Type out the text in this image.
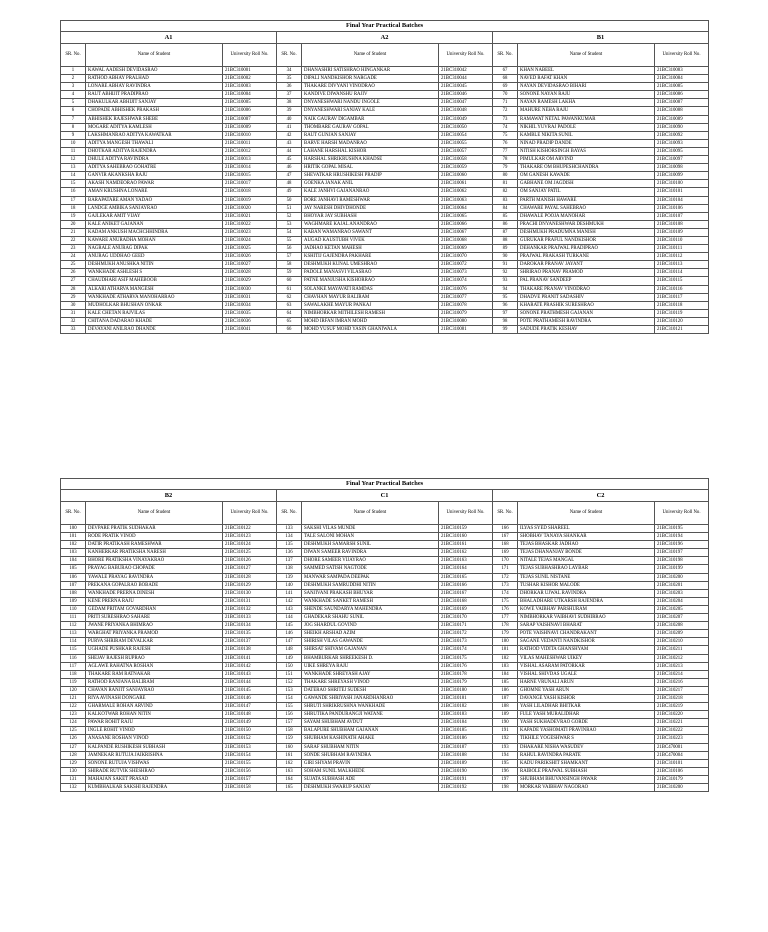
Final Year Practical Batches								
A1			A2			B1		
SR. No.	Name of Student	University Roll No.	SR. No.	Name of Student	University Roll No.	SR. No.	Name of Student	University Roll No.
1	KAWAL AADESH DEVIDASRAO	21BC310001	34	DHANASHRI SATISHRAO HINGANKAR	21BC310042	67	KHAN NABEEL	21BC310083
2	RATHOD ABHAY PRALHAD	21BC310002	35	DIPALI NANDKISHOR NARGADE	21BC310044	68	NAVED RAFAT KHAN	21BC310084
3	LONARE ABHAY RAVINDRA	21BC310003	36	THAKARE DIVYANI VINODRAO	21BC310045	69	NAYAN DEVIDASRAO BIHARI	21BC310085
4	RAUT ABHIJIT PRADIPRAO	21BC310004	37	KANDIVE DIWANSHU RAJIV	21BC310046	70	SONONE NAYAN RAJU	21BC310086
5	DHAKULKAR ABHIJIT SANJAY	21BC310005	38	DNYANESHWARI NANDU INGOLE	21BC310047	71	NAYAN RAMESH LAKHA	21BC310087
6	CHOPADE ABHISHEK PRAKASH	21BC310006	39	DNYANESHWARI SANJAY KALE	21BC310048	72	MAHURE NEHA RAJU	21BC310088
7	ABHISHEK RAJESHWAR SHEBE	21BC310007	40	NAIK GAURAV DIGAMBAR	21BC310049	73	RAMAWAT NETAL PAWANKUMAR	21BC310089
8	MOGARE ADITYA KAMLESH	21BC310009	41	THOMBARE GAURAV GOPAL	21BC310050	74	NIKHIL YUVRAJ PADOLE	21BC310090
9	LAKSHMANRAO ADITYA KAWATKAR	21BC310010	42	RAUT GUNJAN SANJAY	21BC310054	75	KAMBLE NIKITA SUNIL	21BC310092
10	ADITYA MANGESH THAWALI	21BC310011	43	BARVE HARSH MADANRAO	21BC310055	76	NINAD PRADIP DANDE	21BC310093
11	DHOTKAR ADITYA RAJENDRA	21BC310012	44	LAHANE HARSHAL KISHOR	21BC310057	77	NITISH KISHORSINGH BAYAS	21BC310095
12	DHULE ADITYA RAVINDRA	21BC310013	45	HARSHAL SHRIKRUSHNA KHADSE	21BC310058	78	PIMULKAR OM ARVIND	21BC310097
13	ADITYA SAHEBRAO GOHATRE	21BC310014	46	HRITIK GOPAL MISAL	21BC310059	79	THAKARE OM BHUPESHCHANDRA	21BC310098
14	GANVIR AKANKSHA RAJU	21BC310015	47	SHEVATKAR HRUSHIKESH PRADIP	21BC310060	80	OM GANESH KAWADE	21BC310099
15	AKASH NAMDEORAO PAWAR	21BC310017	48	GOENKA JANAK ANIL	21BC310061	81	GABHANE OM JAGDISH	21BC310100
16	AMAN KRUSHNA LONARE	21BC310018	49	KALE JANHVI GAJANANRAO	21BC310062	82	OM SANJAY PATIL	21BC310101
17	BARAPATARE AMAN YADAO	21BC310019	50	BORE JANHAVI RAMESHWAR	21BC310063	83	PARTH MANISH HAWARE	21BC310104
18	LANDGE AMBIKA SANJAYRAO	21BC310020	51	JAY NARESH DHIVDHONDE	21BC310064	84	CHAWARE PAYAL SAHEBRAO	21BC310106
19	GAJLEKAR AMIT VIJAY	21BC310021	52	BHOYAR JAY SUBHASH	21BC310065	85	DHAWALE POOJA MANOHAR	21BC310107
20	KALE ANIKET GAJANAN	21BC310022	53	WAGHMARE KAJAL ANANDRAO	21BC310066	86	PRACHI DNYANESHWAR DESHMUKH	21BC310108
21	KADAM ANKUSH MACHCHHINDRA	21BC310023	54	KABAN WAMANRAO SAWANT	21BC310067	87	DESHMUKH PRADUMNA MANISH	21BC310109
22	KAWARE ANURADHA MOHAN	21BC310024	55	AUGAD KAUSTUBH VIVEK	21BC310068	88	GURUKAR PRAFUL NANDKISHOR	21BC310110
23	NAGRALE ANURAG DIPAK	21BC310025	56	JADHAO KETAN MAHESH	21BC310069	89	DEHANKAR PRAJWAL PRADIPRAO	21BC310111
24	ANURAG UDDHAO GEED	21BC310026	57	KSHITIJ GAJENDRA PAKHARE	21BC310070	90	PRAJWAL PRAKASH TURKANE	21BC310112
25	DESHMUKH ANUSHKA NITIN	21BC310027	58	DESHMUKH KUNAL UMESHRAO	21BC310072	91	DAROKAR PRANAV JAYANT	21BC310113
26	WANKHADE ASHLESH S	21BC310028	59	PADOLE MANASVI VILASRAO	21BC310073	92	SHRIRAO PRANAV PRAMOD	21BC310114
27	CHAUDHARI ASIF MAHEBOOB	21BC310029	60	PATNE MANJUSHA KISHORRAO	21BC310074	93	PAL PRANAV SANDEEP	21BC310115
28	ALKARI ATHARVA MANGESH	21BC310030	61	SOLANKE MAYAVATI RAMDAS	21BC310076	94	THAKARE PRANAV VINODRAO	21BC310116
29	WANKHADE ATHARVA MANOHARRAO	21BC310031	62	CHAVHAN MAYUR BALIRAM	21BC310077	95	DHADVE PRANIT SADASHIV	21BC310117
30	MUDHOLKAR BHUSHAN ONKAR	21BC310034	63	SAWALAKHE MAYUR PANKAJ	21BC310078	96	KHARATE PRASHIK SURESHRAO	21BC310118
31	KALE CHETAN RAJVILAS	21BC310035	64	NIMBHORKAR MITHILESH RAMESH	21BC310079	97	SONONE PRATHMESH GAJANAN	21BC310119
32	CHITANA DADARAO KHADE	21BC310036	65	MOHD IRFAN IMRAN MOHD	21BC310080	98	POTE PRATHAMESH RAVINDRA	21BC310120
33	DEVAYANI ANILRAO DHANDE	21BC310041	66	MOHD YUSUF MOHD YASIN GHANIWALA	21BC310081	99	SADUDE PRATIK KESHAV	21BC310121
Final Year Practical Batches								
B2			C1			C2		
SR. No.	Name of Student	University Roll No.	SR. No.	Name of Student	University Roll No.	SR. No.	Name of Student	University Roll No.
100	DEVPARE PRATIK SUDHAKAR	21BC310122	133	SAKSHI VILAS MUNDE	21BC310159	166	ILYAS SYED SHAREEL	21BC310195
101	RODE PRATIK VINOD	21BC310123	134	TALE SALONI MOHAN	21BC310160	167	SHOBHAV TANAYA SHANKAR	21BC310194
102	DATIR PRATIKASH RAMESHWAR	21BC310124	135	DESHMUKH SAMARSH SUNIL	21BC310161	168	TEJAS BHASKAR JADHAO	21BC310196
103	KANHERKAR PRATIKSHA NARESH	21BC310125	136	DIWAN SAMEER RAVINDRA	21BC310162	169	TEJAS DHANANJAY BONDE	21BC310197
104	BHORE PRATIKSHA VINAYAKRAO	21BC310126	137	DHORE SAMEER VIJAYRAO	21BC310163	170	NITALE TEJAS MANGAL	21BC310198
105	PRAYAG BABURAO CHOPADE	21BC310127	138	SAMMED SATISH NAGTODE	21BC310164	171	TEJAS SUBHASHRAO LAYBAR	21BC310199
106	YAWALE PRAYAG RAVINDRA	21BC310128	139	MANWAR SAMPADA DEEPAK	21BC310165	172	TEJAS SUNIL NISTANE	21BC310200
107	PREKANA GOPALRAO BOBADE	21BC310129	140	DESHMUKH SAMRUDDHI NITIN	21BC310166	173	TUSHAR KISHOR MALODE	21BC310201
108	WANKHADE PRERNA DINESH	21BC310130	141	SANJIVANI PRAKASH BHUYAR	21BC310167	174	DHORKAR UJWAL RAVINDRA	21BC310203
109	KENE PRERNA RAJU	21BC310131	142	WANKHADE SANKET RAMESH	21BC310168	175	BHALADHARE UTKARSH RAJENDRA	21BC310204
110	GEDAM PRITAM GOVARDHAN	21BC310132	143	SHENDE SAUNDARYA MAHENDRA	21BC310169	176	KOWE VAIBHAV PARSHURAM	21BC310205
111	PRITI SURESHRAO SAHARE	21BC310133	144	GHADEKAR SHAHU SUNIL	21BC310170	177	NIMBHORKAR VAIBHAVI SUDHIRRAO	21BC310207
112	JWANE PRIYANKA BHIMRAO	21BC310134	145	JOG SHARDUL GOVIND	21BC310171	178	SARAP VAISHNAVI BHARAT	21BC310208
113	WARGHAT PRIYANKA PRAMOD	21BC310135	146	SHEIKH ARSHAD AZIM	21BC310172	179	POTE VAISHNAVI CHANDRAKANT	21BC310209
114	PURVA SHRIRAM DEVALKAR	21BC310137	147	SHIRISH VILAS GAWANDE	21BC310173	180	SAGANE VEDANTI NANDKISHOR	21BC310210
115	UGHADE PUSHKAR RAJESH	21BC310138	148	SHIRSAT SHIVAM GAJANAN	21BC310174	181	RATHOD VIDITA GHANSHYAM	21BC310211
116	SHEJAV RAJESH RUPRAO	21BC310141	149	BHAMBURKAR SHREEKESH D.	21BC310175	182	VILAS MAHESHWAR UIKEY	21BC310212
117	AGLAWE RAHATNA ROSHAN	21BC310142	150	UIKE SHREYA RAJU	21BC310176	183	VISHAL ASARAM PATORKAR	21BC310213
118	THAKARE RAM RATNAKAR	21BC310143	151	WANKHADE SHREYASH AJAY	21BC310178	184	VISHAL SHIVDAS UGALE	21BC310214
119	RATHOD RANJANA BALIRAM	21BC310144	152	THAKARE SHREYASH VINOD	21BC310179	185	HARNE VRUNALI ARUN	21BC310216
120	CHAVAN RANJIT SANJAYRAO	21BC310145	153	DATERAO SHRITEJ SUDESH	21BC310180	186	GHOMNE YASH ARUN	21BC310217
121	RIYA AVINASH DONGARE	21BC310146	154	GAWANDE SHRIYASH JANARDHANRAO	21BC310181	187	DAVANGE YASH KISHOR	21BC310218
122	GHARMALE ROHAN ARVIND	21BC310147	155	SHRUTI SHRIKRUSHNA WANKHADE	21BC310182	188	YASH LILADHAR BHITKAR	21BC310219
123	KALKOTWAR ROHAN NITIN	21BC310148	156	SHRUTIKA PANDURANGJI WATANE	21BC310183	189	FULE YASH MURALIDHAR	21BC310220
124	PAWAR ROHIT RAJU	21BC310149	157	SAYAM SHUBHAM AVDUT	21BC310184	190	YASH SUKHADEVRAO GORDE	21BC310221
125	INGLE ROHIT VINOD	21BC310150	158	BALAPURE SHUBHAM GAJANAN	21BC310185	191	KAPADE YASHOMATI PRAVINRAO	21BC310222
126	ANASANE ROSHAN VINOD	21BC310152	159	SHUBHAM KASHINATH AHAKE	21BC310186	192	TIKHILE YOGESHWAR S	21BC310223
127	KALPANDE RUSHIKESH SUBHASH	21BC310153	160	SARAF SHUBHAM NITIN	21BC310187	193	DHAKARE NISHA WASUDEV	21BC470001
128	JAMNEKAR RUTUJA JAIKRISHNA	21BC310154	161	SONDE SHUBHAM RAVINDRA	21BC310188	194	RAHUL RAVINDRA PARATE	21BC470004
129	SONONE RUTUJA VISHWAS	21BC310155	162	GIRI SHYAM PRAVIN	21BC310189	195	KADU PARIKSHIT SHAMKANT	21BC310101
130	SHIRADE RUTVIK SHESHRAO	21BC310156	163	SOHAM SUNIL MALKHEDE	21BC310190	196	RAIBOLE PRAJWAL SUBHASH	21BC310106
131	MAHAJAN SAKET PRASAD	21BC310157	164	SUJATA SUBHASH ADE	21BC310191	197	SHUBHAM BHUVANSINGH PAWAR	21BC310179
132	KUMBHALKAR SAKSHI RAJENDRA	21BC310158	165	DESHMUKH SWARUP SANJAY	21BC310192	198	MORKAR VAIBHAV NAGORAO	21BC310200
